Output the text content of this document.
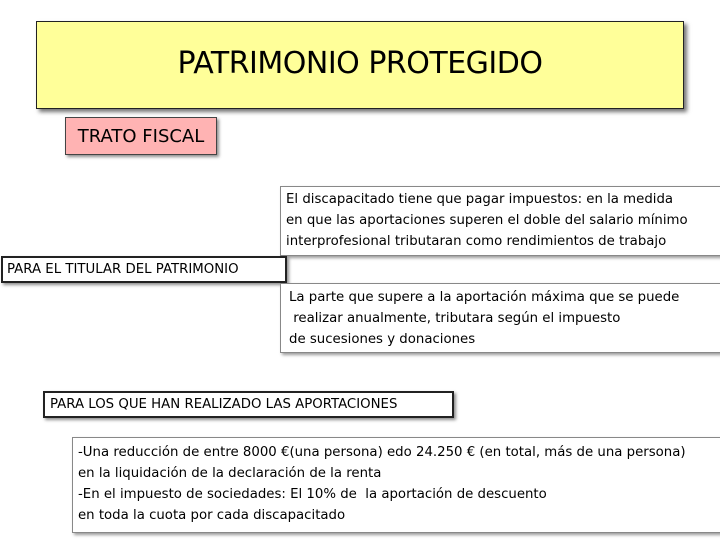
PATRIMONIO PROTEGIDO
TRATO FISCAL
El discapacitado tiene que pagar impuestos: en la medida
en que las aportaciones superen el doble del salario mínimo
interprofesional tributaran como rendimientos de trabajo
PARA EL TITULAR DEL PATRIMONIO
La parte que supere a la aportación máxima que se puede
realizar anualmente, tributara según el impuesto
de sucesiones y donaciones
PARA LOS QUE HAN REALIZADO LAS APORTACIONES
-Una reducción de entre 8000 €(una persona) edo 24.250 € (en total, más de una persona)
en la liquidación de la declaración de la renta
-En el impuesto de sociedades: El 10% de  la aportación de descuento
en toda la cuota por cada discapacitado
